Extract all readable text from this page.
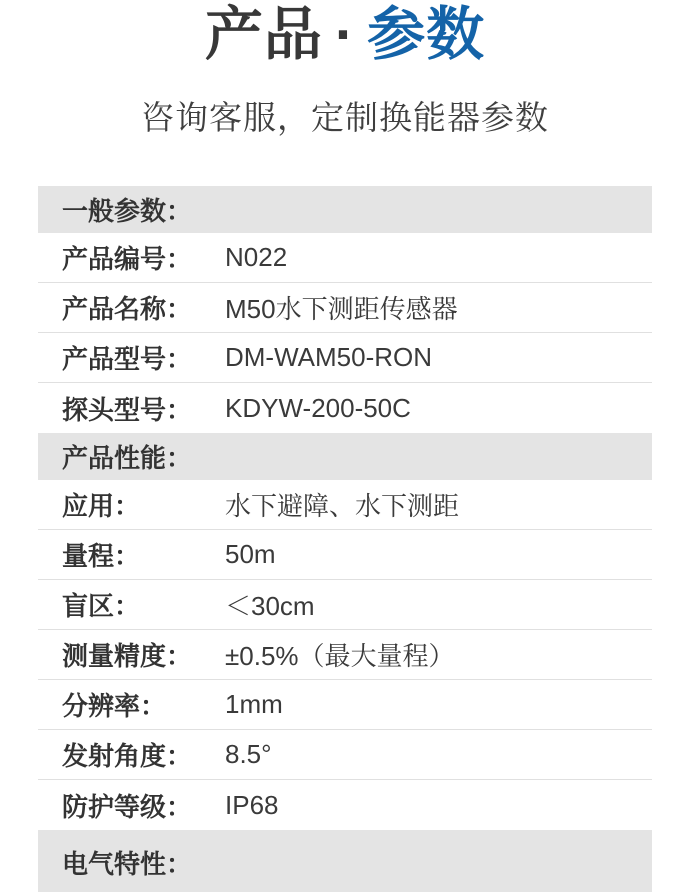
产品 · 参数
咨询客服，定制换能器参数
一般参数：
产品编号：	N022
产品名称：	M50水下测距传感器
产品型号：	DM-WAM50-RON
探头型号：	KDYW-200-50C
产品性能：
应用：	水下避障、水下测距
量程：	50m
盲区：	＜30cm
测量精度：	±0.5%（最大量程）
分辨率：	1mm
发射角度：	8.5°
防护等级：	IP68
电气特性：
